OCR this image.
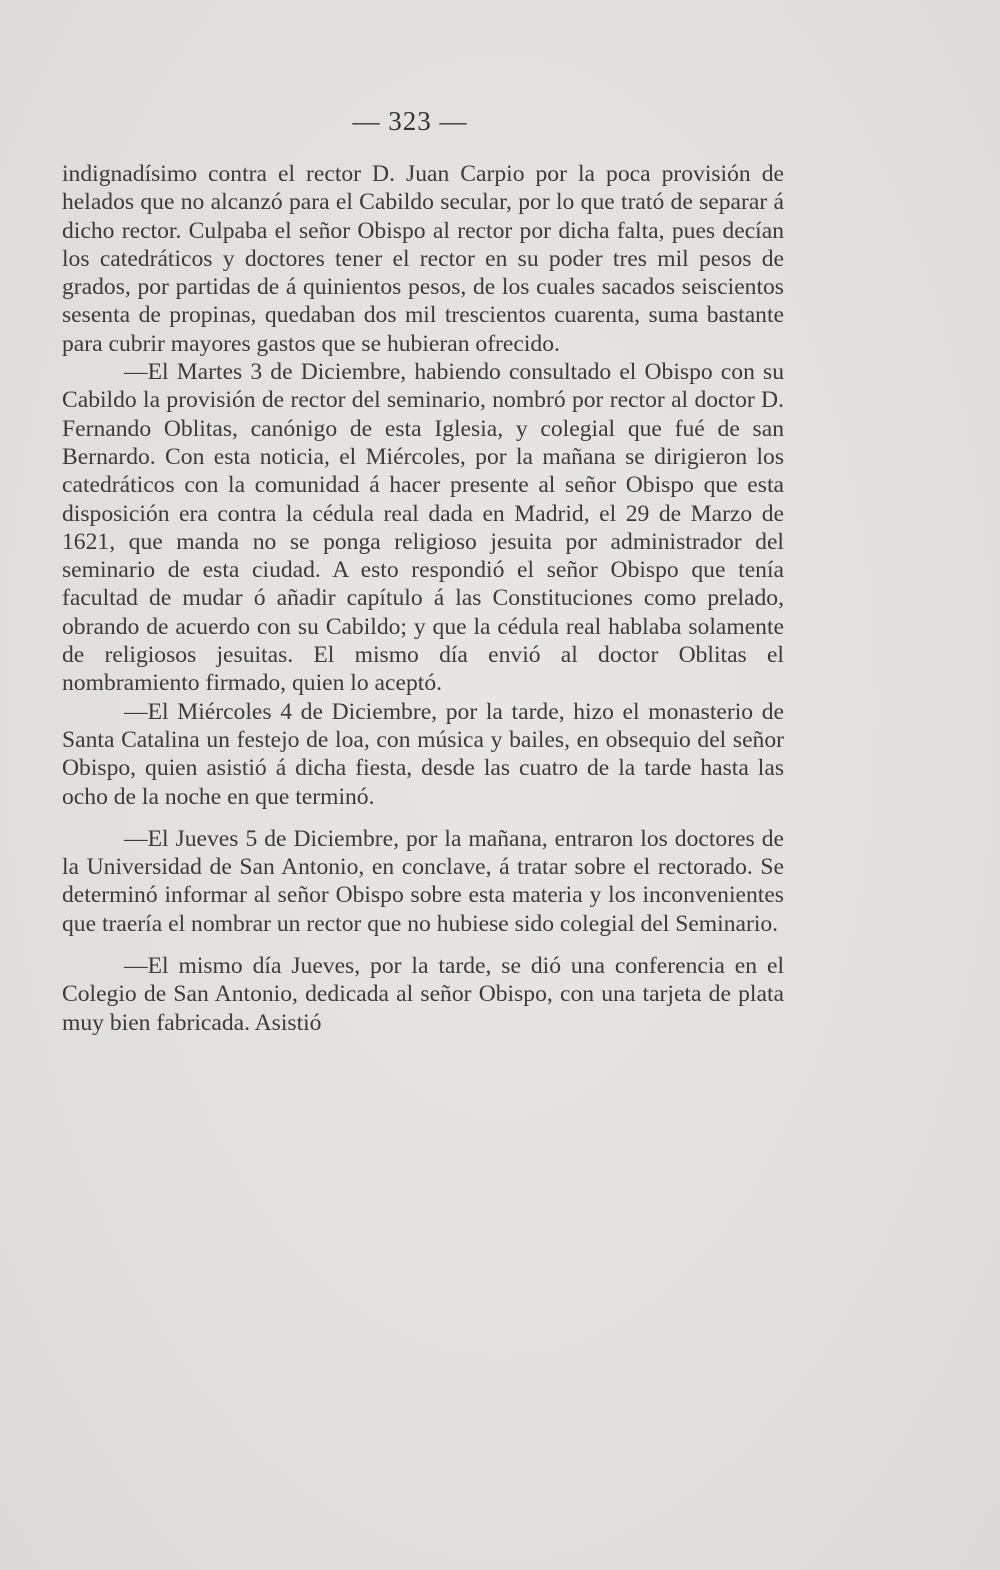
— 323 —

indignadísimo contra el rector D. Juan Carpio por la poca provisión de helados que no alcanzó para el Cabildo secular, por lo que trató de separar á dicho rector. Culpaba el señor Obispo al rector por dicha falta, pues decían los catedráticos y doctores tener el rector en su poder tres mil pesos de grados, por partidas de á quinientos pesos, de los cuales sacados seiscientos sesenta de propinas, quedaban dos mil trescientos cuarenta, suma bastante para cubrir mayores gastos que se hubieran ofrecido.

—El Martes 3 de Diciembre, habiendo consultado el Obispo con su Cabildo la provisión de rector del seminario, nombró por rector al doctor D. Fernando Oblitas, canónigo de esta Iglesia, y colegial que fué de san Bernardo. Con esta noticia, el Miércoles, por la mañana se dirigieron los catedráticos con la comunidad á hacer presente al señor Obispo que esta disposición era contra la cédula real dada en Madrid, el 29 de Marzo de 1621, que manda no se ponga religioso jesuita por administrador del seminario de esta ciudad. A esto respondió el señor Obispo que tenía facultad de mudar ó añadir capítulo á las Constituciones como prelado, obrando de acuerdo con su Cabildo; y que la cédula real hablaba solamente de religiosos jesuitas. El mismo día envió al doctor Oblitas el nombramiento firmado, quien lo aceptó.

—El Miércoles 4 de Diciembre, por la tarde, hizo el monasterio de Santa Catalina un festejo de loa, con música y bailes, en obsequio del señor Obispo, quien asistió á dicha fiesta, desde las cuatro de la tarde hasta las ocho de la noche en que terminó.

—El Jueves 5 de Diciembre, por la mañana, entraron los doctores de la Universidad de San Antonio, en conclave, á tratar sobre el rectorado. Se determinó informar al señor Obispo sobre esta materia y los inconvenientes que traería el nombrar un rector que no hubiese sido colegial del Seminario.

—El mismo día Jueves, por la tarde, se dió una conferencia en el Colegio de San Antonio, dedicada al señor Obispo, con una tarjeta de plata muy bien fabricada. Asistió
